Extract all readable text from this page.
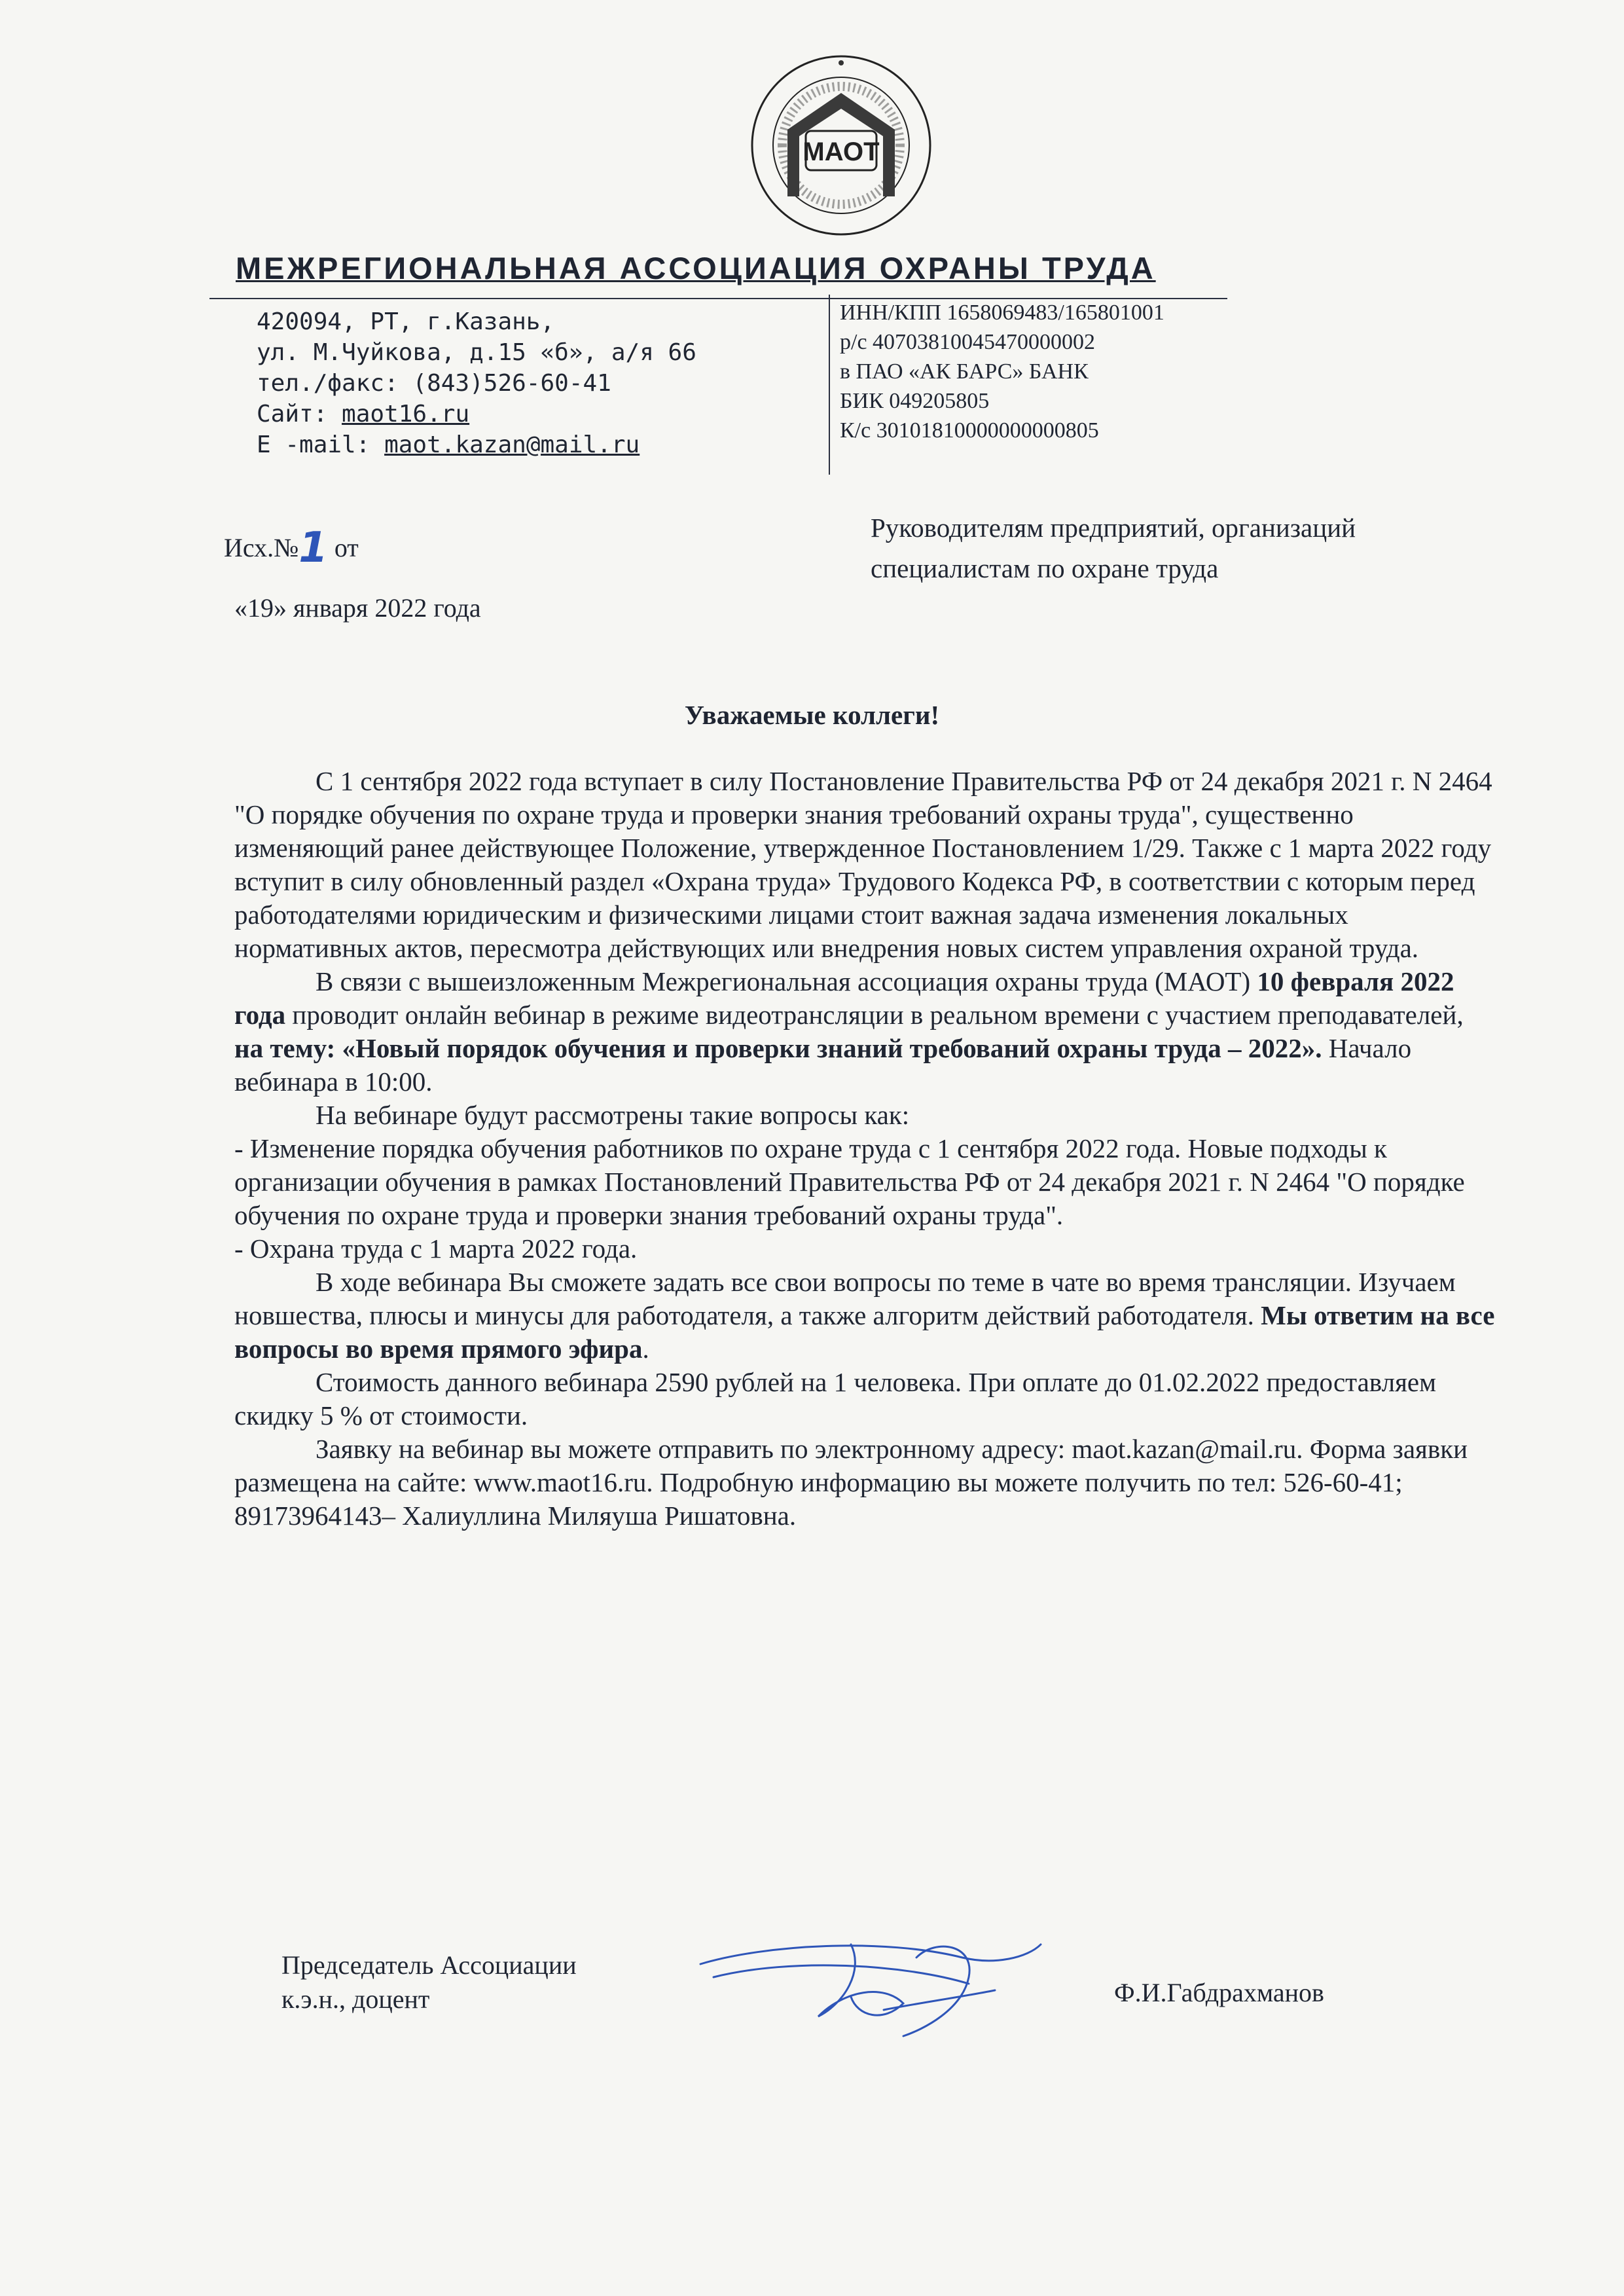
МАОТ
МЕЖРЕГИОНАЛЬНАЯ АССОЦИАЦИЯ ОХРАНЫ ТРУДА
420094, РТ, г.Казань,
ул. М.Чуйкова, д.15 «б», а/я 66
тел./факс: (843)526-60-41
Сайт: maot16.ru
E -mail: maot.kazan@mail.ru
ИНН/КПП 1658069483/165801001
р/с 40703810045470000002
в ПАО «АК БАРС» БАНК
БИК 049205805
К/с 30101810000000000805
Исх.№1 от
«19» января 2022 года
Руководителям предприятий, организаций
специалистам по охране труда
Уважаемые коллеги!

С 1 сентября 2022 года вступает в силу Постановление Правительства РФ от 24 декабря 2021 г. N 2464 "О порядке обучения по охране труда и проверки знания требований охраны труда", существенно изменяющий ранее действующее Положение, утвержденное Постановлением 1/29. Также с 1 марта 2022 году вступит в силу обновленный раздел «Охрана труда» Трудового Кодекса РФ, в соответствии с которым перед работодателями юридическим и физическими лицами стоит важная задача изменения локальных нормативных актов, пересмотра действующих или внедрения новых систем управления охраной труда.

В связи с вышеизложенным Межрегиональная ассоциация охраны труда (МАОТ) 10 февраля 2022 года проводит онлайн вебинар в режиме видеотрансляции в реальном времени с участием преподавателей, на тему: «Новый порядок обучения и проверки знаний требований охраны труда – 2022». Начало вебинара в 10:00.

На вебинаре будут рассмотрены такие вопросы как:

- Изменение порядка обучения работников по охране труда с 1 сентября 2022 года. Новые подходы к организации обучения в рамках Постановлений Правительства РФ от 24 декабря 2021 г. N 2464 "О порядке обучения по охране труда и проверки знания требований охраны труда".

- Охрана труда с 1 марта 2022 года.

В ходе вебинара Вы сможете задать все свои вопросы по теме в чате во время трансляции. Изучаем новшества, плюсы и минусы для работодателя, а также алгоритм действий работодателя. Мы ответим на все вопросы во время прямого эфира.

Стоимость данного вебинара 2590 рублей на 1 человека. При оплате до 01.02.2022 предоставляем скидку 5 % от стоимости.

Заявку на вебинар вы можете отправить по электронному адресу: maot.kazan@mail.ru. Форма заявки размещена на сайте: www.maot16.ru. Подробную информацию вы можете получить по тел: 526-60-41; 89173964143– Халиуллина Миляуша Ришатовна.

Председатель Ассоциации
к.э.н., доцент	Ф.И.Габдрахманов
